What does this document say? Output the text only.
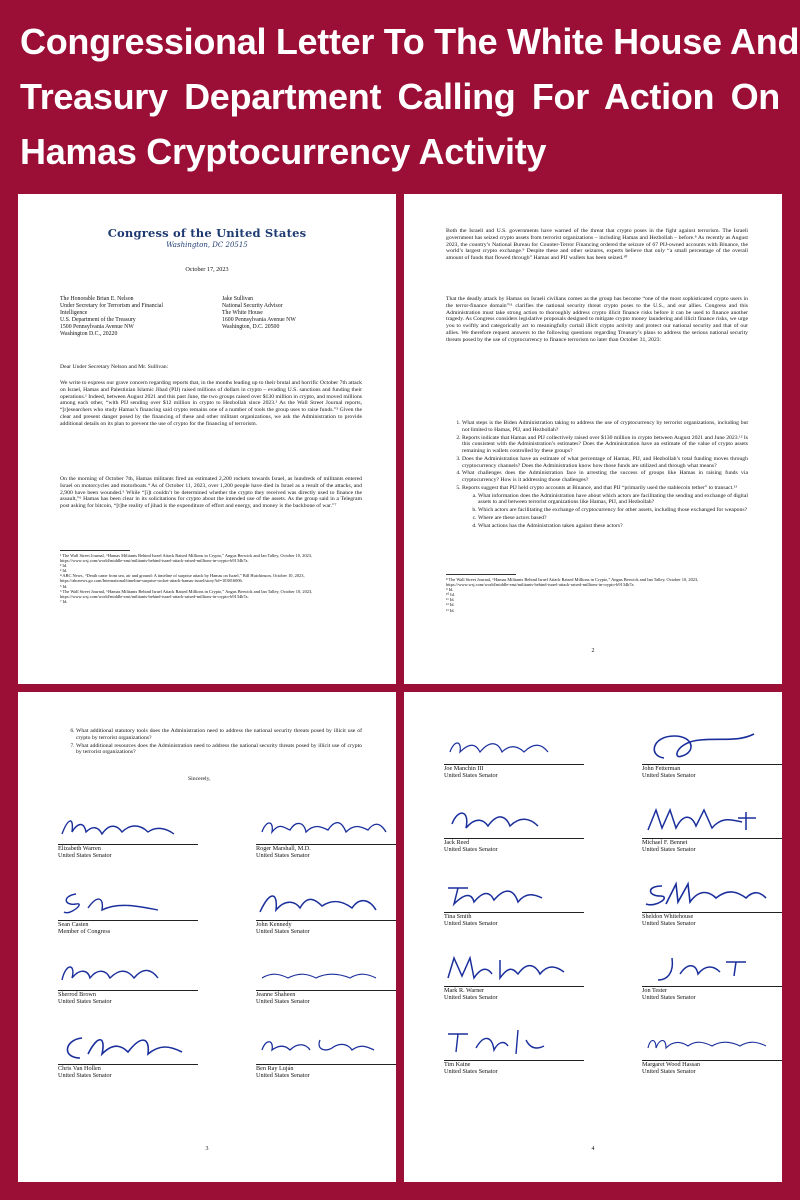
Congressional Letter To The White House And
Treasury Department Calling For Action On
Hamas Cryptocurrency Activity
Congress of the United States
Washington, DC 20515
October 17, 2023
The Honorable Brian E. Nelson
Under Secretary for Terrorism and Financial
Intelligence
U.S. Department of the Treasury
1500 Pennsylvania Avenue NW
Washington D.C., 20220
Jake Sullivan
National Security Advisor
The White House
1600 Pennsylvania Avenue NW
Washington, D.C. 20500
Dear Under Secretary Nelson and Mr. Sullivan:
We write to express our grave concern regarding reports that, in the months leading up to their brutal and horrific October 7th attack on Israel, Hamas and Palestinian Islamic Jihad (PIJ) raised millions of dollars in crypto – evading U.S. sanctions and funding their operations.¹ Indeed, between August 2021 and this past June, the two groups raised over $130 million in crypto, and moved millions among each other, “with PIJ sending over $12 million in crypto to Hezbollah since 2023.² As the Wall Street Journal reports, “[r]esearchers who study Hamas’s financing said crypto remains one of a number of tools the group uses to raise funds.”³ Given the clear and present danger posed by the financing of these and other militant organizations, we ask the Administration to provide additional details on its plan to prevent the use of crypto for the financing of terrorism.
On the morning of October 7th, Hamas militants fired an estimated 2,200 rockets towards Israel, as hundreds of militants entered Israel on motorcycles and motorboats.⁴ As of October 11, 2023, over 1,200 people have died in Israel as a result of the attacks, and 2,900 have been wounded.⁵ While “[i]t couldn’t be determined whether the crypto they received was directly used to finance the assault,”⁶ Hamas has been clear in its solicitations for crypto about the intended use of the assets. As the group said in a Telegram post asking for bitcoin, “[t]he reality of jihad is the expenditure of effort and energy, and money is the backbone of war.”⁷
¹ The Wall Street Journal, “Hamas Militants Behind Israel Attack Raised Millions in Crypto,” Angus Berwick and Ian Talley, October 10, 2023, https://www.wsj.com/world/middle-east/militants-behind-israel-attack-raised-millions-in-crypto-b9134b7a.
² Id.
³ Id.
⁴ ABC News, “Death came from sea, air and ground: A timeline of surprise attack by Hamas on Israel,” Bill Hutchinson, October 10, 2023, https://abcnews.go.com/International/timeline-surprise-rocket-attack-hamas-israel/story?id=103816006.
⁵ Id.
⁶ The Wall Street Journal, “Hamas Militants Behind Israel Attack Raised Millions in Crypto,” Angus Berwick and Ian Talley, October 10, 2023, https://www.wsj.com/world/middle-east/militants-behind-israel-attack-raised-millions-in-crypto-b9134b7a.
⁷ Id.
Both the Israeli and U.S. governments have warned of the threat that crypto poses in the fight against terrorism. The Israeli government has seized crypto assets from terrorist organizations – including Hamas and Hezbollah – before.⁸ As recently as August 2023, the country’s National Bureau for Counter-Terror Financing ordered the seizure of 67 PIJ-owned accounts with Binance, the world’s largest crypto exchange.⁹ Despite these and other seizures, experts believe that only “a small percentage of the overall amount of funds that flowed through” Hamas and PIJ wallets has been seized.¹⁰
That the deadly attack by Hamas on Israeli civilians comes as the group has become “one of the most sophisticated crypto users in the terror-finance domain”¹¹ clarifies the national security threat crypto poses to the U.S., and our allies. Congress and this Administration must take strong action to thoroughly address crypto illicit finance risks before it can be used to finance another tragedy. As Congress considers legislative proposals designed to mitigate crypto money laundering and illicit finance risks, we urge you to swiftly and categorically act to meaningfully curtail illicit crypto activity and protect our national security and that of our allies. We therefore request answers to the following questions regarding Treasury’s plans to address the serious national security threats posed by the use of cryptocurrency to finance terrorism no later than October 31, 2023:
1. What steps is the Biden Administration taking to address the use of cryptocurrency by terrorist organizations, including but not limited to Hamas, PIJ, and Hezbollah?
2. Reports indicate that Hamas and PIJ collectively raised over $130 million in crypto between August 2021 and June 2023.¹² Is this consistent with the Administration’s estimates? Does the Administration have an estimate of the value of crypto assets remaining in wallets controlled by these groups?
3. Does the Administration have an estimate of what percentage of Hamas, PIJ, and Hezbollah’s total funding moves through cryptocurrency channels? Does the Administration know how those funds are utilized and through what means?
4. What challenges does the Administration face in arresting the success of groups like Hamas in raising funds via cryptocurrency? How is it addressing those challenges?
5. Reports suggest that PIJ held crypto accounts at Binance, and that PIJ “primarily used the stablecoin tether” to transact.¹³
a. What information does the Administration have about which actors are facilitating the sending and exchange of digital assets to and between terrorist organizations like Hamas, PIJ, and Hezbollah?
b. Which actors are facilitating the exchange of cryptocurrency for other assets, including those exchanged for weapons?
c. Where are these actors based?
d. What actions has the Administration taken against these actors?
⁸ The Wall Street Journal, “Hamas Militants Behind Israel Attack Raised Millions in Crypto,” Angus Berwick and Ian Talley, October 10, 2023, https://www.wsj.com/world/middle-east/militants-behind-israel-attack-raised-millions-in-crypto-b9134b7a.
⁹ Id.
¹⁰ Id.
¹¹ Id.
¹² Id.
¹³ Id.
2
6. What additional statutory tools does the Administration need to address the national security threats posed by illicit use of crypto by terrorist organizations?
7. What additional resources does the Administration need to address the national security threats posed by illicit use of crypto by terrorist organizations?
Sincerely,
Elizabeth Warren
United States Senator
Roger Marshall, M.D.
United States Senator
Sean Casten
Member of Congress
John Kennedy
United States Senator
Sherrod Brown
United States Senator
Jeanne Shaheen
United States Senator
Chris Van Hollen
United States Senator
Ben Ray Luján
United States Senator
3
Joe Manchin III
United States Senator
John Fetterman
United States Senator
Jack Reed
United States Senator
Michael F. Bennet
United States Senator
Tina Smith
United States Senator
Sheldon Whitehouse
United States Senator
Mark R. Warner
United States Senator
Jon Tester
United States Senator
Tim Kaine
United States Senator
Margaret Wood Hassan
United States Senator
4
